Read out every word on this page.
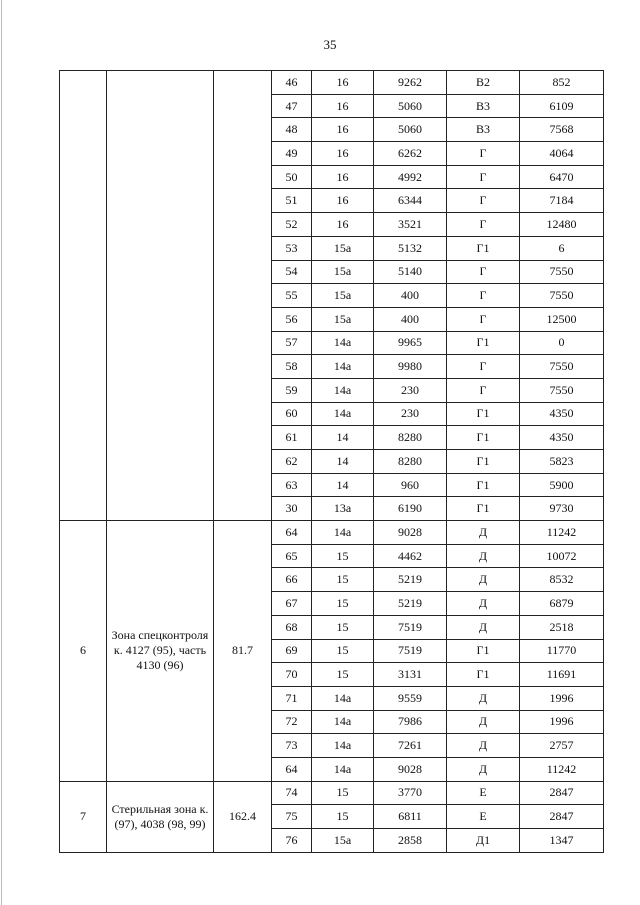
35
			46	16	9262	В2	852
			47	16	5060	В3	6109
			48	16	5060	В3	7568
			49	16	6262	Г	4064
			50	16	4992	Г	6470
			51	16	6344	Г	7184
			52	16	3521	Г	12480
			53	15а	5132	Г1	6
			54	15а	5140	Г	7550
			55	15а	400	Г	7550
			56	15а	400	Г	12500
			57	14а	9965	Г1	0
			58	14а	9980	Г	7550
			59	14а	230	Г	7550
			60	14а	230	Г1	4350
			61	14	8280	Г1	4350
			62	14	8280	Г1	5823
			63	14	960	Г1	5900
			30	13а	6190	Г1	9730
6	Зона спецконтроля к. 4127 (95), часть 4130 (96)	81.7	64	14а	9028	Д	11242
			65	15	4462	Д	10072
			66	15	5219	Д	8532
			67	15	5219	Д	6879
			68	15	7519	Д	2518
			69	15	7519	Г1	11770
			70	15	3131	Г1	11691
			71	14а	9559	Д	1996
			72	14а	7986	Д	1996
			73	14а	7261	Д	2757
			64	14а	9028	Д	11242
7	Стерильная зона к. (97), 4038 (98, 99)	162.4	74	15	3770	Е	2847
			75	15	6811	Е	2847
			76	15а	2858	Д1	1347
